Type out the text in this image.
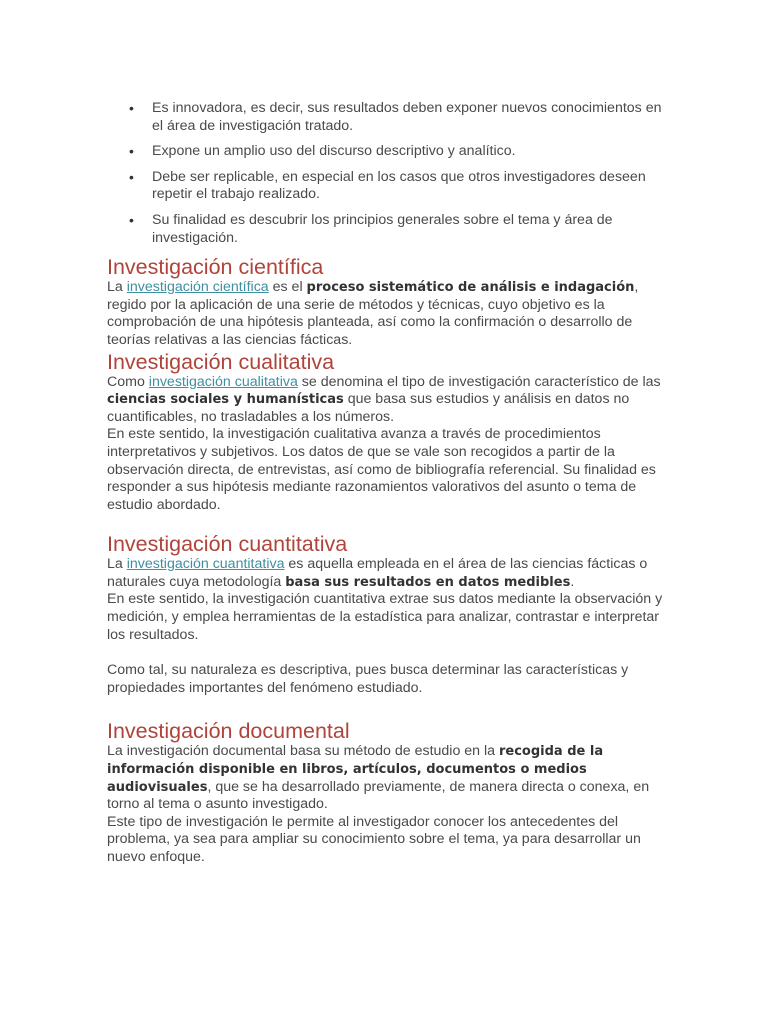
• Es innovadora, es decir, sus resultados deben exponer nuevos conocimientos en el área de investigación tratado.
• Expone un amplio uso del discurso descriptivo y analítico.
• Debe ser replicable, en especial en los casos que otros investigadores deseen repetir el trabajo realizado.
• Su finalidad es descubrir los principios generales sobre el tema y área de investigación.
Investigación científica

La investigación científica es el proceso sistemático de análisis e indagación, regido por la aplicación de una serie de métodos y técnicas, cuyo objetivo es la comprobación de una hipótesis planteada, así como la confirmación o desarrollo de teorías relativas a las ciencias fácticas.

Investigación cualitativa

Como investigación cualitativa se denomina el tipo de investigación característico de las ciencias sociales y humanísticas que basa sus estudios y análisis en datos no cuantificables, no trasladables a los números.

En este sentido, la investigación cualitativa avanza a través de procedimientos interpretativos y subjetivos. Los datos de que se vale son recogidos a partir de la observación directa, de entrevistas, así como de bibliografía referencial. Su finalidad es responder a sus hipótesis mediante razonamientos valorativos del asunto o tema de estudio abordado.

Investigación cuantitativa

La investigación cuantitativa es aquella empleada en el área de las ciencias fácticas o naturales cuya metodología basa sus resultados en datos medibles.

En este sentido, la investigación cuantitativa extrae sus datos mediante la observación y medición, y emplea herramientas de la estadística para analizar, contrastar e interpretar los resultados.

Como tal, su naturaleza es descriptiva, pues busca determinar las características y propiedades importantes del fenómeno estudiado.

Investigación documental

La investigación documental basa su método de estudio en la recogida de la información disponible en libros, artículos, documentos o medios audiovisuales, que se ha desarrollado previamente, de manera directa o conexa, en torno al tema o asunto investigado.

Este tipo de investigación le permite al investigador conocer los antecedentes del problema, ya sea para ampliar su conocimiento sobre el tema, ya para desarrollar un nuevo enfoque.
